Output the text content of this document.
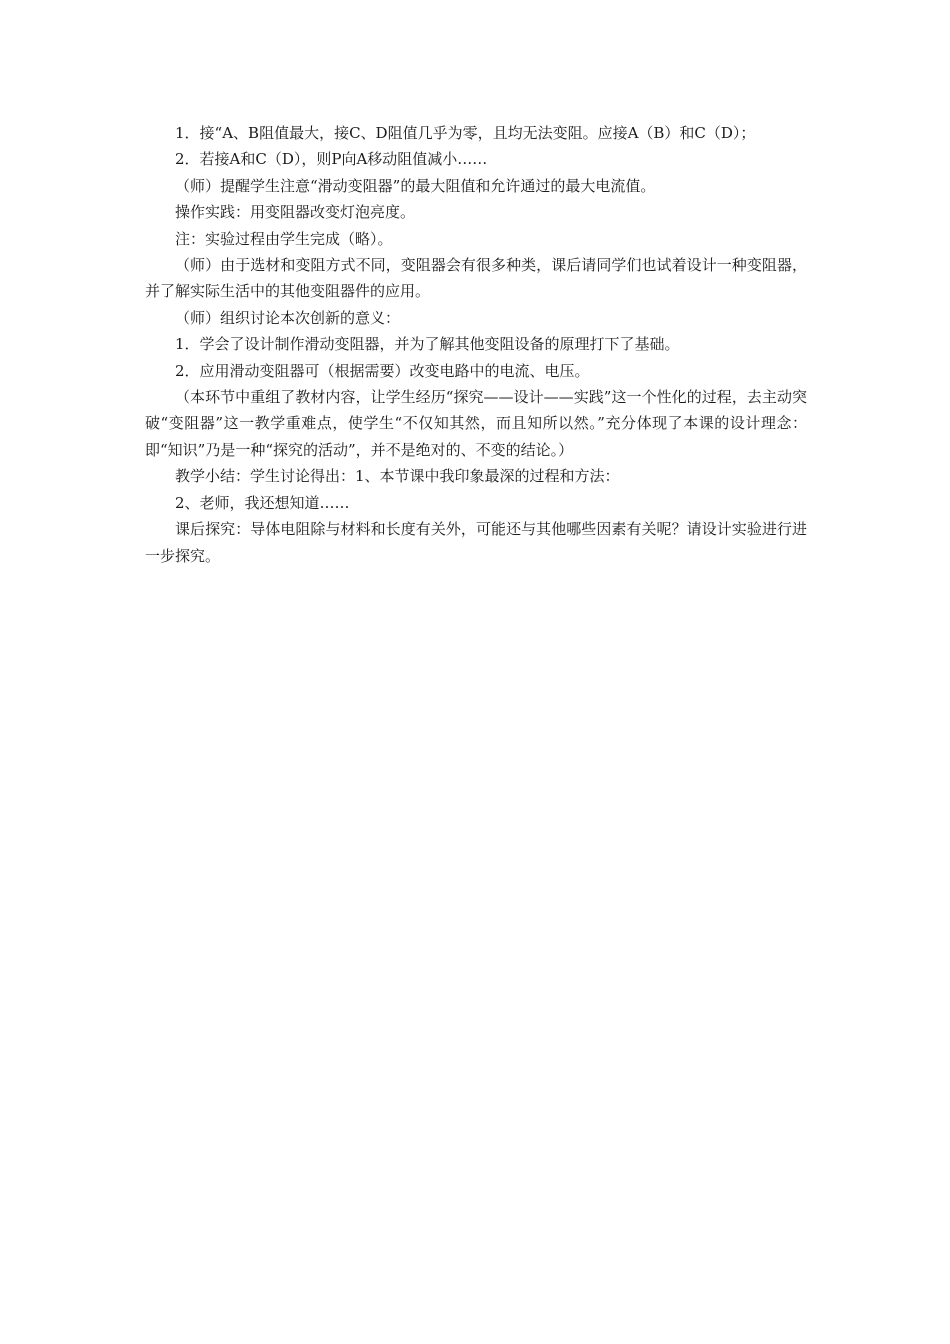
1．接“A、B阻值最大，接C、D阻值几乎为零，且均无法变阻。应接A（B）和C（D）；

2．若接A和C（D），则P向A移动阻值减小……

（师）提醒学生注意“滑动变阻器”的最大阻值和允许通过的最大电流值。

操作实践：用变阻器改变灯泡亮度。

注：实验过程由学生完成（略）。

（师）由于选材和变阻方式不同，变阻器会有很多种类，课后请同学们也试着设计一种变阻器，并了解实际生活中的其他变阻器件的应用。

（师）组织讨论本次创新的意义：

1．学会了设计制作滑动变阻器，并为了解其他变阻设备的原理打下了基础。

2．应用滑动变阻器可（根据需要）改变电路中的电流、电压。

（本环节中重组了教材内容，让学生经历“探究——设计——实践”这一个性化的过程，去主动突破“变阻器”这一教学重难点，使学生“不仅知其然，而且知所以然。”充分体现了本课的设计理念：即“知识”乃是一种“探究的活动”，并不是绝对的、不变的结论。）

教学小结：学生讨论得出：1、本节课中我印象最深的过程和方法：

2、老师，我还想知道……

课后探究：导体电阻除与材料和长度有关外，可能还与其他哪些因素有关呢？请设计实验进行进一步探究。
